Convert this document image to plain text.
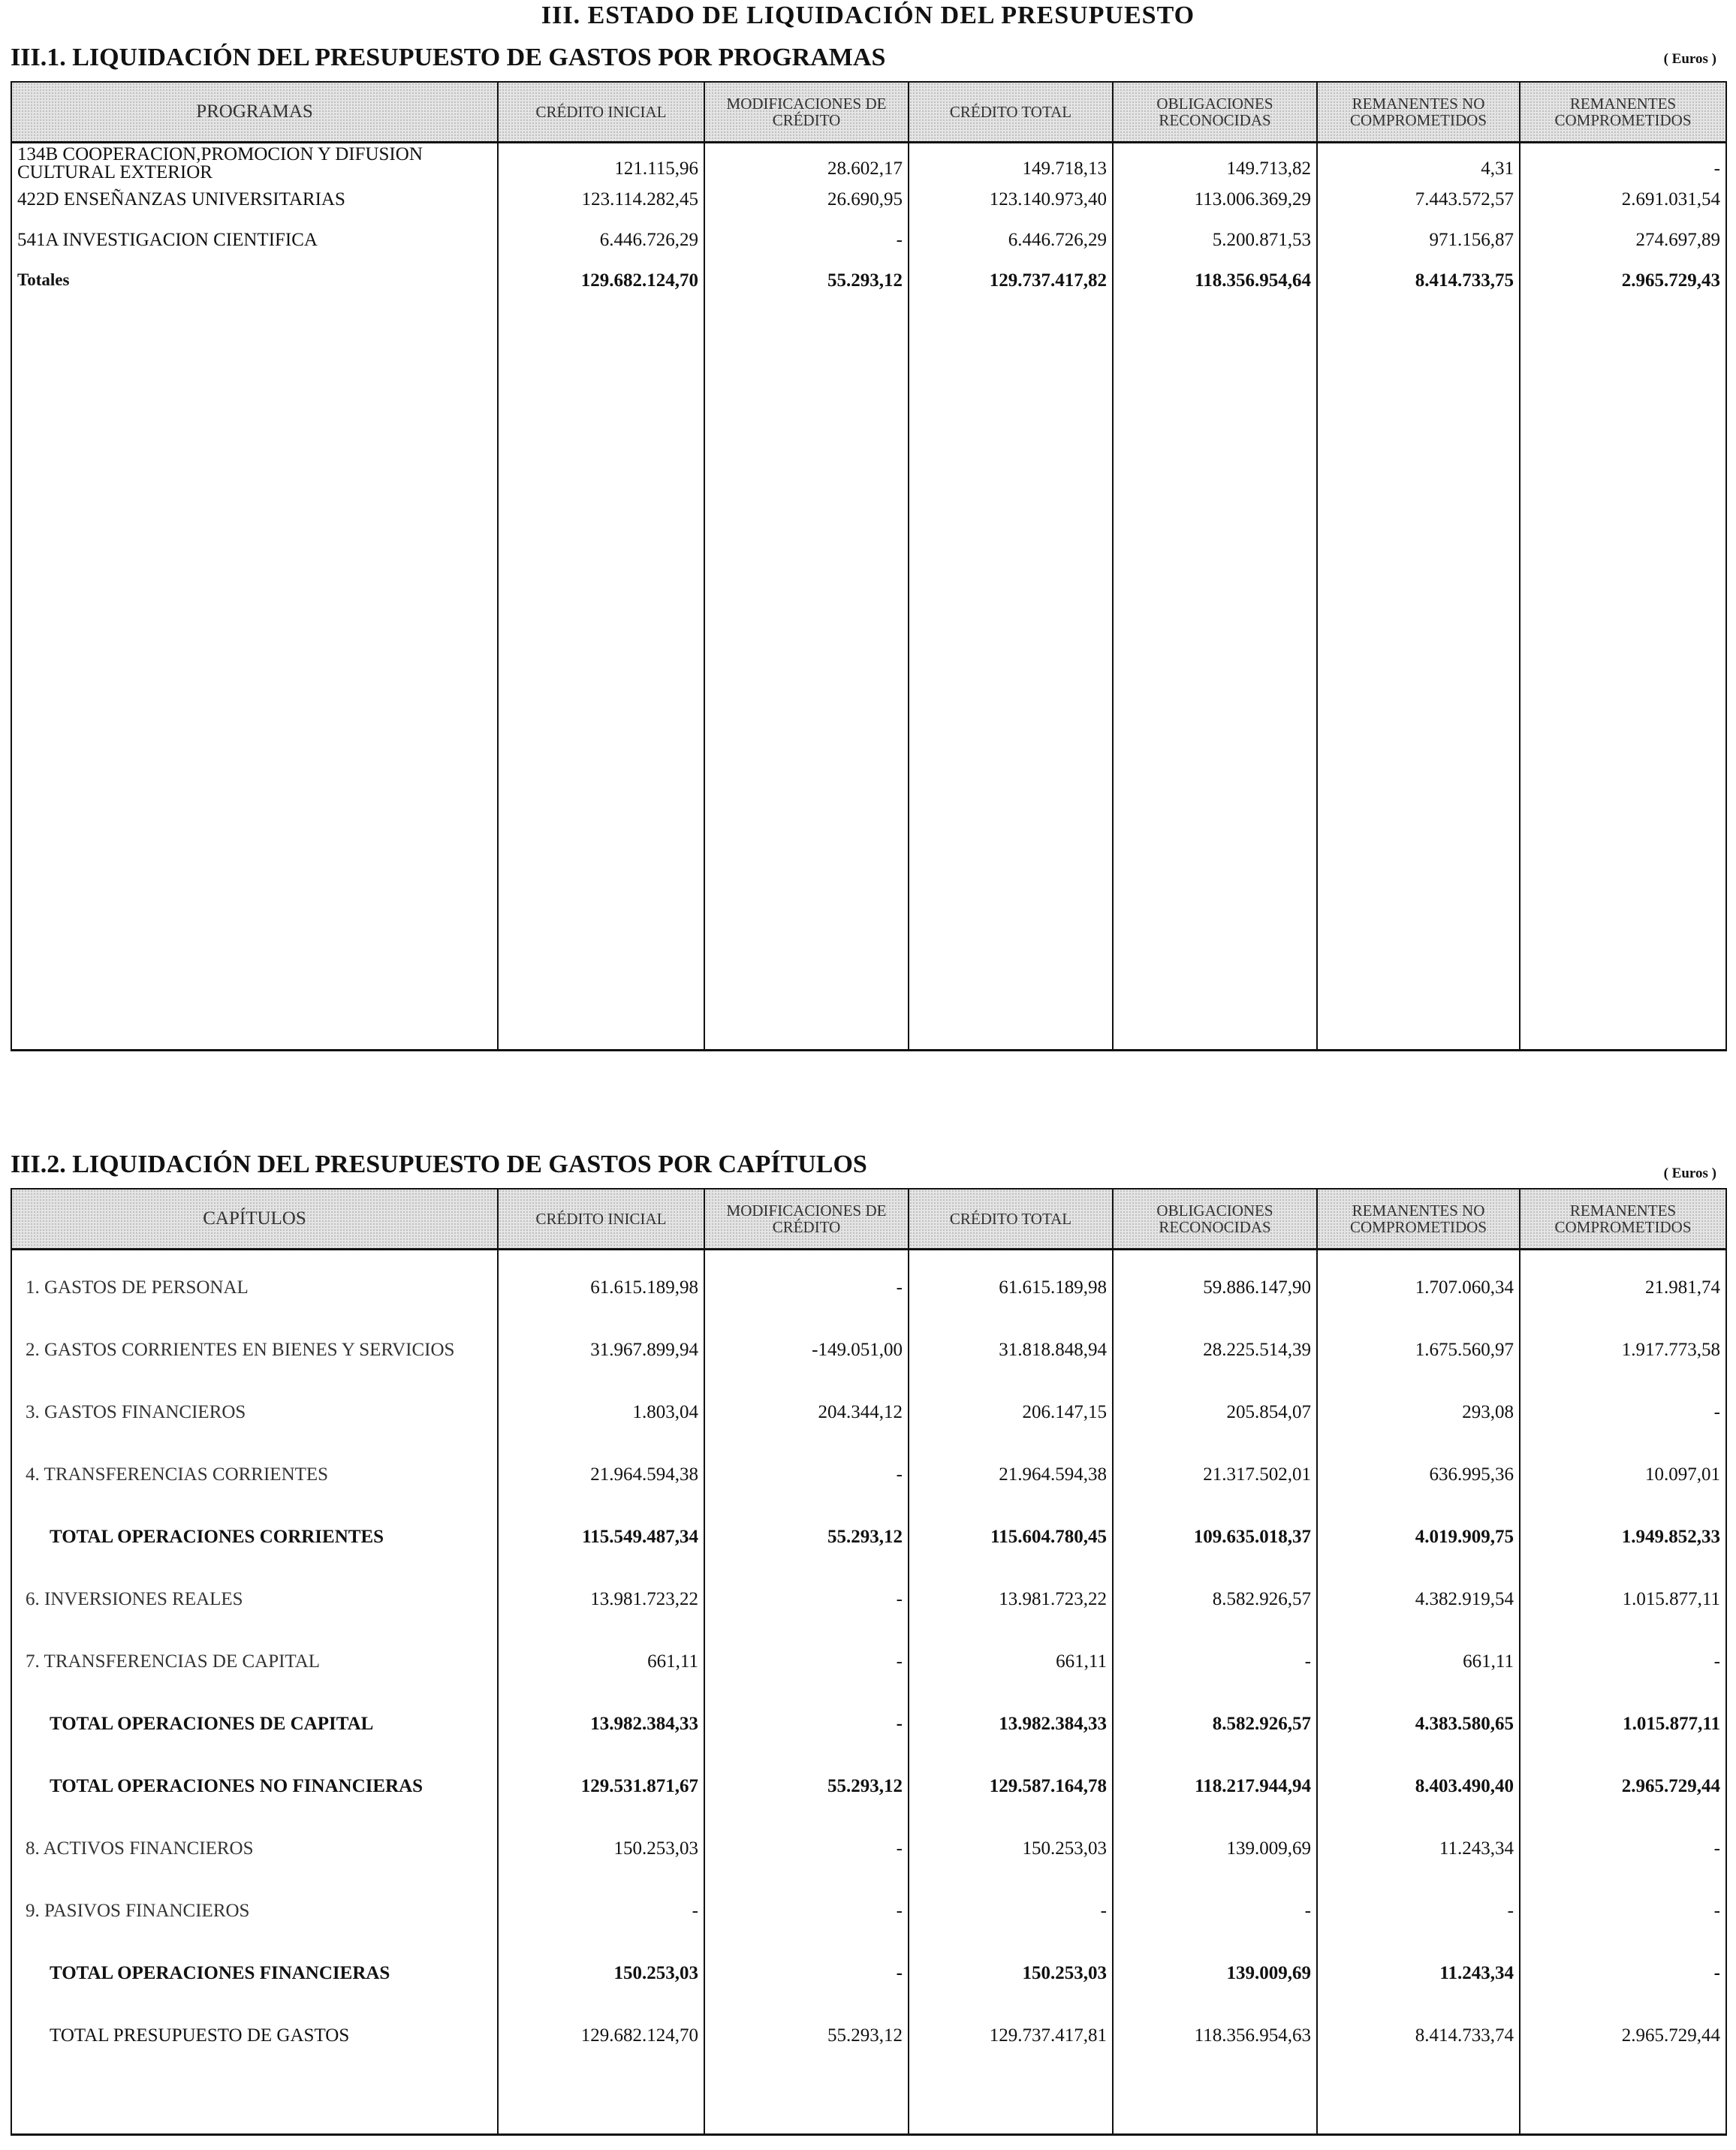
III. ESTADO DE LIQUIDACIÓN DEL PRESUPUESTO
III.1. LIQUIDACIÓN DEL PRESUPUESTO DE GASTOS POR PROGRAMAS	( Euros )
PROGRAMAS	CRÉDITO INICIAL	MODIFICACIONES DE CRÉDITO	CRÉDITO TOTAL	OBLIGACIONES RECONOCIDAS	REMANENTES NO COMPROMETIDOS	REMANENTES COMPROMETIDOS
134B COOPERACION,PROMOCION Y DIFUSION CULTURAL EXTERIOR	121.115,96	28.602,17	149.718,13	149.713,82	4,31	-
422D ENSEÑANZAS UNIVERSITARIAS	123.114.282,45	26.690,95	123.140.973,40	113.006.369,29	7.443.572,57	2.691.031,54
541A INVESTIGACION CIENTIFICA	6.446.726,29	-	6.446.726,29	5.200.871,53	971.156,87	274.697,89
Totales	129.682.124,70	55.293,12	129.737.417,82	118.356.954,64	8.414.733,75	2.965.729,43

III.2. LIQUIDACIÓN DEL PRESUPUESTO DE GASTOS POR CAPÍTULOS	( Euros )
CAPÍTULOS	CRÉDITO INICIAL	MODIFICACIONES DE CRÉDITO	CRÉDITO TOTAL	OBLIGACIONES RECONOCIDAS	REMANENTES NO COMPROMETIDOS	REMANENTES COMPROMETIDOS

1. GASTOS DE PERSONAL	61.615.189,98	-	61.615.189,98	59.886.147,90	1.707.060,34	21.981,74
2. GASTOS CORRIENTES EN BIENES Y SERVICIOS	31.967.899,94	-149.051,00	31.818.848,94	28.225.514,39	1.675.560,97	1.917.773,58
3. GASTOS FINANCIEROS	1.803,04	204.344,12	206.147,15	205.854,07	293,08	-
4. TRANSFERENCIAS CORRIENTES	21.964.594,38	-	21.964.594,38	21.317.502,01	636.995,36	10.097,01
TOTAL OPERACIONES CORRIENTES	115.549.487,34	55.293,12	115.604.780,45	109.635.018,37	4.019.909,75	1.949.852,33
6. INVERSIONES REALES	13.981.723,22	-	13.981.723,22	8.582.926,57	4.382.919,54	1.015.877,11
7. TRANSFERENCIAS DE CAPITAL	661,11	-	661,11	-	661,11	-
TOTAL OPERACIONES DE CAPITAL	13.982.384,33	-	13.982.384,33	8.582.926,57	4.383.580,65	1.015.877,11
TOTAL OPERACIONES NO FINANCIERAS	129.531.871,67	55.293,12	129.587.164,78	118.217.944,94	8.403.490,40	2.965.729,44
8. ACTIVOS FINANCIEROS	150.253,03	-	150.253,03	139.009,69	11.243,34	-
9. PASIVOS FINANCIEROS	-	-	-	-	-	-
TOTAL OPERACIONES FINANCIERAS	150.253,03	-	150.253,03	139.009,69	11.243,34	-
TOTAL PRESUPUESTO DE GASTOS	129.682.124,70	55.293,12	129.737.417,81	118.356.954,63	8.414.733,74	2.965.729,44
